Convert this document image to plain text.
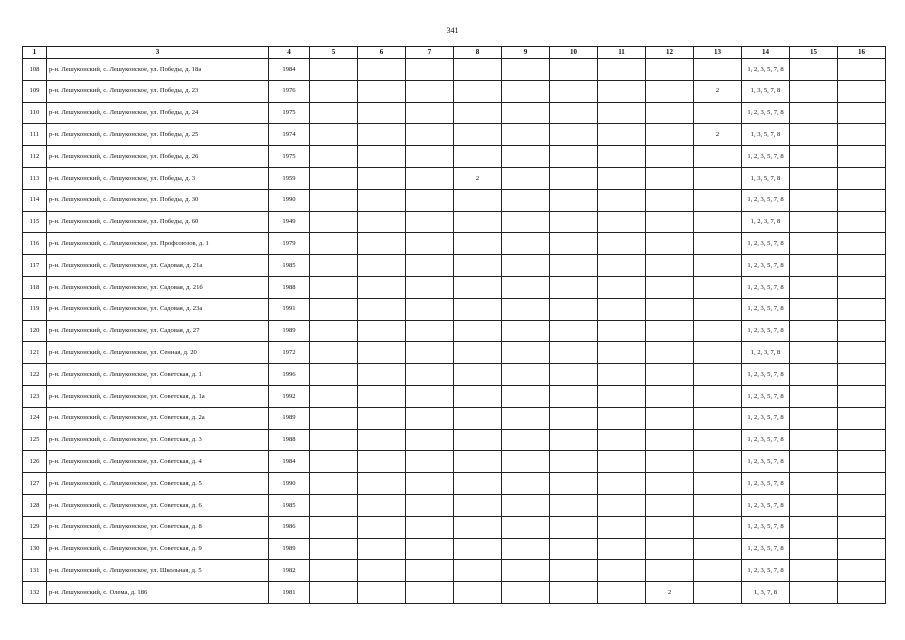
341
1	3	4	5	6	7	8	9	10	11	12	13	14	15	16
108	р-н. Лешуконский, с. Лешуконское, ул. Победы, д. 18а	1984										1, 2, 3, 5, 7, 8		
109	р-н. Лешуконский, с. Лешуконское, ул. Победы, д. 23	1976									2	1, 3, 5, 7, 8		
110	р-н. Лешуконский, с. Лешуконское, ул. Победы, д. 24	1975										1, 2, 3, 5, 7, 8		
111	р-н. Лешуконский, с. Лешуконское, ул. Победы, д. 25	1974									2	1, 3, 5, 7, 8		
112	р-н. Лешуконский, с. Лешуконское, ул. Победы, д. 26	1975										1, 2, 3, 5, 7, 8		
113	р-н. Лешуконский, с. Лешуконское, ул. Победы, д. 3	1959				2						1, 3, 5, 7, 8		
114	р-н. Лешуконский, с. Лешуконское, ул. Победы, д. 30	1990										1, 2, 3, 5, 7, 8		
115	р-н. Лешуконский, с. Лешуконское, ул. Победы, д. 60	1949										1, 2, 3, 7, 8		
116	р-н. Лешуконский, с. Лешуконское, ул. Профсоюзов, д. 1	1979										1, 2, 3, 5, 7, 8		
117	р-н. Лешуконский, с. Лешуконское, ул. Садовая, д. 21а	1985										1, 2, 3, 5, 7, 8		
118	р-н. Лешуконский, с. Лешуконское, ул. Садовая, д. 21б	1988										1, 2, 3, 5, 7, 8		
119	р-н. Лешуконский, с. Лешуконское, ул. Садовая, д. 23а	1991										1, 2, 3, 5, 7, 8		
120	р-н. Лешуконский, с. Лешуконское, ул. Садовая, д. 27	1989										1, 2, 3, 5, 7, 8		
121	р-н. Лешуконский, с. Лешуконское, ул. Сенная, д. 20	1972										1, 2, 3, 7, 8		
122	р-н. Лешуконский, с. Лешуконское, ул. Советская, д. 1	1996										1, 2, 3, 5, 7, 8		
123	р-н. Лешуконский, с. Лешуконское, ул. Советская, д. 1а	1992										1, 2, 3, 5, 7, 8		
124	р-н. Лешуконский, с. Лешуконское, ул. Советская, д. 2а	1989										1, 2, 3, 5, 7, 8		
125	р-н. Лешуконский, с. Лешуконское, ул. Советская, д. 3	1988										1, 2, 3, 5, 7, 8		
126	р-н. Лешуконский, с. Лешуконское, ул. Советская, д. 4	1984										1, 2, 3, 5, 7, 8		
127	р-н. Лешуконский, с. Лешуконское, ул. Советская, д. 5	1990										1, 2, 3, 5, 7, 8		
128	р-н. Лешуконский, с. Лешуконское, ул. Советская, д. 6	1985										1, 2, 3, 5, 7, 8		
129	р-н. Лешуконский, с. Лешуконское, ул. Советская, д. 8	1986										1, 2, 3, 5, 7, 8		
130	р-н. Лешуконский, с. Лешуконское, ул. Советская, д. 9	1989										1, 2, 3, 5, 7, 8		
131	р-н. Лешуконский, с. Лешуконское, ул. Школьная, д. 5	1982										1, 2, 3, 5, 7, 8		
132	р-н. Лешуконский, с. Олема, д. 186	1981								2		1, 3, 7, 8		
